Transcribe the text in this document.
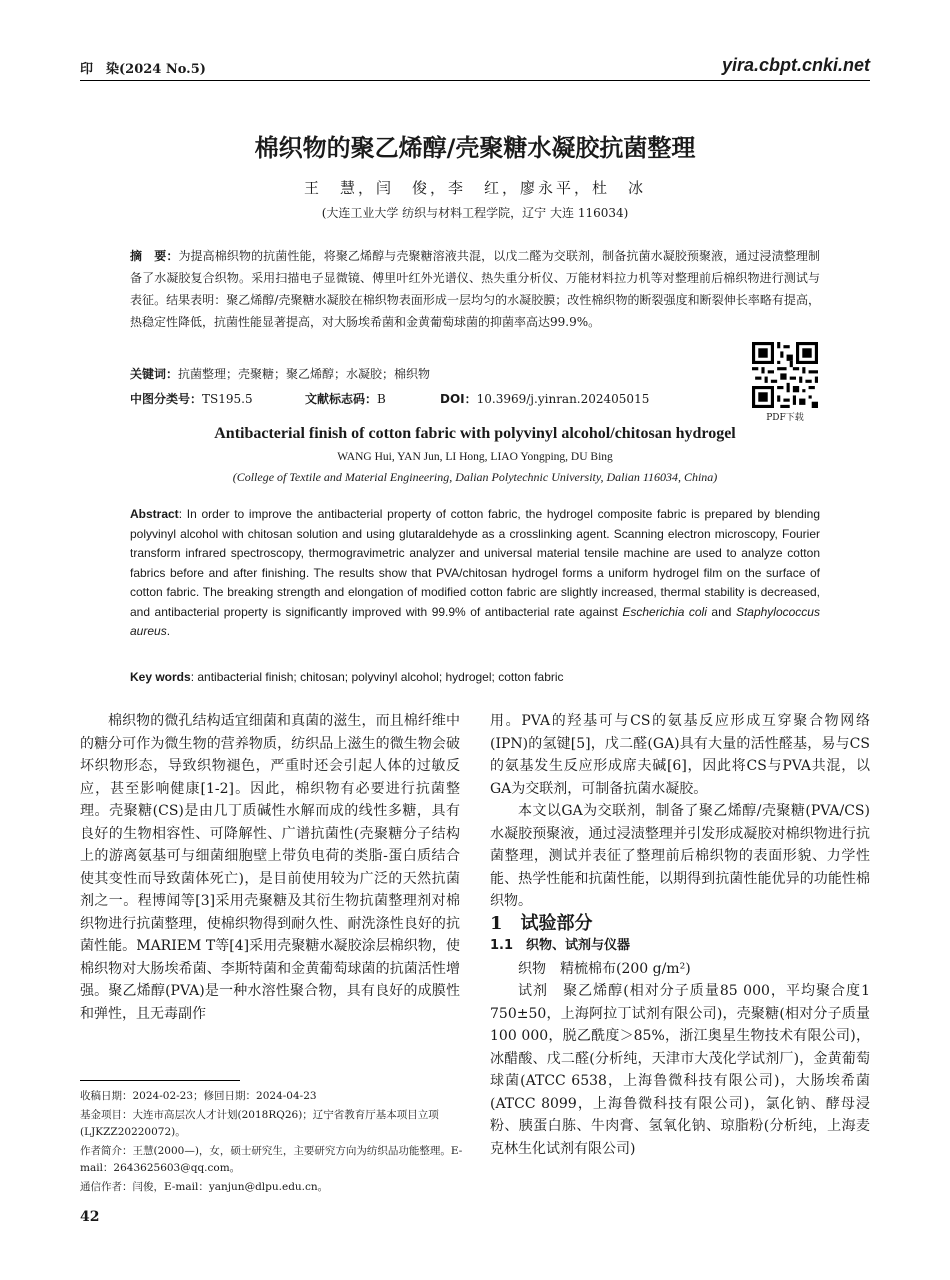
印　染(2024 No.5)	yira.cbpt.cnki.net
棉织物的聚乙烯醇/壳聚糖水凝胶抗菌整理
王　慧，闫　俊，李　红，廖永平，杜　冰
(大连工业大学 纺织与材料工程学院，辽宁 大连 116034)
摘　要：为提高棉织物的抗菌性能，将聚乙烯醇与壳聚糖溶液共混，以戊二醛为交联剂，制备抗菌水凝胶预聚液，通过浸渍整理制备了水凝胶复合织物。采用扫描电子显微镜、傅里叶红外光谱仪、热失重分析仪、万能材料拉力机等对整理前后棉织物进行测试与表征。结果表明：聚乙烯醇/壳聚糖水凝胶在棉织物表面形成一层均匀的水凝胶膜；改性棉织物的断裂强度和断裂伸长率略有提高，热稳定性降低，抗菌性能显著提高，对大肠埃希菌和金黄葡萄球菌的抑菌率高达99.9%。
关键词：抗菌整理；壳聚糖；聚乙烯醇；水凝胶；棉织物
中图分类号：TS195.5	文献标志码：B	DOI：10.3969/j.yinran.202405015
PDF下载
Antibacterial finish of cotton fabric with polyvinyl alcohol/chitosan hydrogel
WANG Hui, YAN Jun, LI Hong, LIAO Yongping, DU Bing
(College of Textile and Material Engineering, Dalian Polytechnic University, Dalian 116034, China)
Abstract: In order to improve the antibacterial property of cotton fabric, the hydrogel composite fabric is prepared by blending polyvinyl alcohol with chitosan solution and using glutaraldehyde as a crosslinking agent. Scanning electron microscopy, Fourier transform infrared spectroscopy, thermogravimetric analyzer and universal material tensile machine are used to analyze cotton fabrics before and after finishing. The results show that PVA/chitosan hydrogel forms a uniform hydrogel film on the surface of cotton fabric. The breaking strength and elongation of modified cotton fabric are slightly increased, thermal stability is decreased, and antibacterial property is significantly improved with 99.9% of antibacterial rate against Escherichia coli and Staphylococcus aureus.
Key words: antibacterial finish; chitosan; polyvinyl alcohol; hydrogel; cotton fabric

棉织物的微孔结构适宜细菌和真菌的滋生，而且棉纤维中的糖分可作为微生物的营养物质，纺织品上滋生的微生物会破坏织物形态，导致织物褪色，严重时还会引起人体的过敏反应，甚至影响健康[1-2]。因此，棉织物有必要进行抗菌整理。壳聚糖(CS)是由几丁质碱性水解而成的线性多糖，具有良好的生物相容性、可降解性、广谱抗菌性(壳聚糖分子结构上的游离氨基可与细菌细胞壁上带负电荷的类脂-蛋白质结合使其变性而导致菌体死亡)，是目前使用较为广泛的天然抗菌剂之一。程博闻等[3]采用壳聚糖及其衍生物抗菌整理剂对棉织物进行抗菌整理，使棉织物得到耐久性、耐洗涤性良好的抗菌性能。MARIEM T等[4]采用壳聚糖水凝胶涂层棉织物，使棉织物对大肠埃希菌、李斯特菌和金黄葡萄球菌的抗菌活性增强。聚乙烯醇(PVA)是一种水溶性聚合物，具有良好的成膜性和弹性，且无毒副作

用。PVA的羟基可与CS的氨基反应形成互穿聚合物网络(IPN)的氢键[5]，戊二醛(GA)具有大量的活性醛基，易与CS的氨基发生反应形成席夫碱[6]，因此将CS与PVA共混，以GA为交联剂，可制备抗菌水凝胶。

本文以GA为交联剂，制备了聚乙烯醇/壳聚糖(PVA/CS)水凝胶预聚液，通过浸渍整理并引发形成凝胶对棉织物进行抗菌整理，测试并表征了整理前后棉织物的表面形貌、力学性能、热学性能和抗菌性能，以期得到抗菌性能优异的功能性棉织物。

1　试验部分

1.1　织物、试剂与仪器

织物　精梳棉布(200 g/m²)

试剂　聚乙烯醇(相对分子质量85 000，平均聚合度1 750±50，上海阿拉丁试剂有限公司)，壳聚糖(相对分子质量100 000，脱乙酰度＞85%，浙江奥星生物技术有限公司)，冰醋酸、戊二醛(分析纯，天津市大茂化学试剂厂)，金黄葡萄球菌(ATCC 6538，上海鲁微科技有限公司)，大肠埃希菌(ATCC 8099，上海鲁微科技有限公司)，氯化钠、酵母浸粉、胰蛋白胨、牛肉膏、氢氧化钠、琼脂粉(分析纯，上海麦克林生化试剂有限公司)

收稿日期：2024-02-23；修回日期：2024-04-23

基金项目：大连市高层次人才计划(2018RQ26)；辽宁省教育厅基本项目立项(LJKZZ20220072)。

作者简介：王慧(2000—)，女，硕士研究生，主要研究方向为纺织品功能整理。E-mail：2643625603@qq.com。

通信作者：闫俊，E-mail：yanjun@dlpu.edu.cn。

42
